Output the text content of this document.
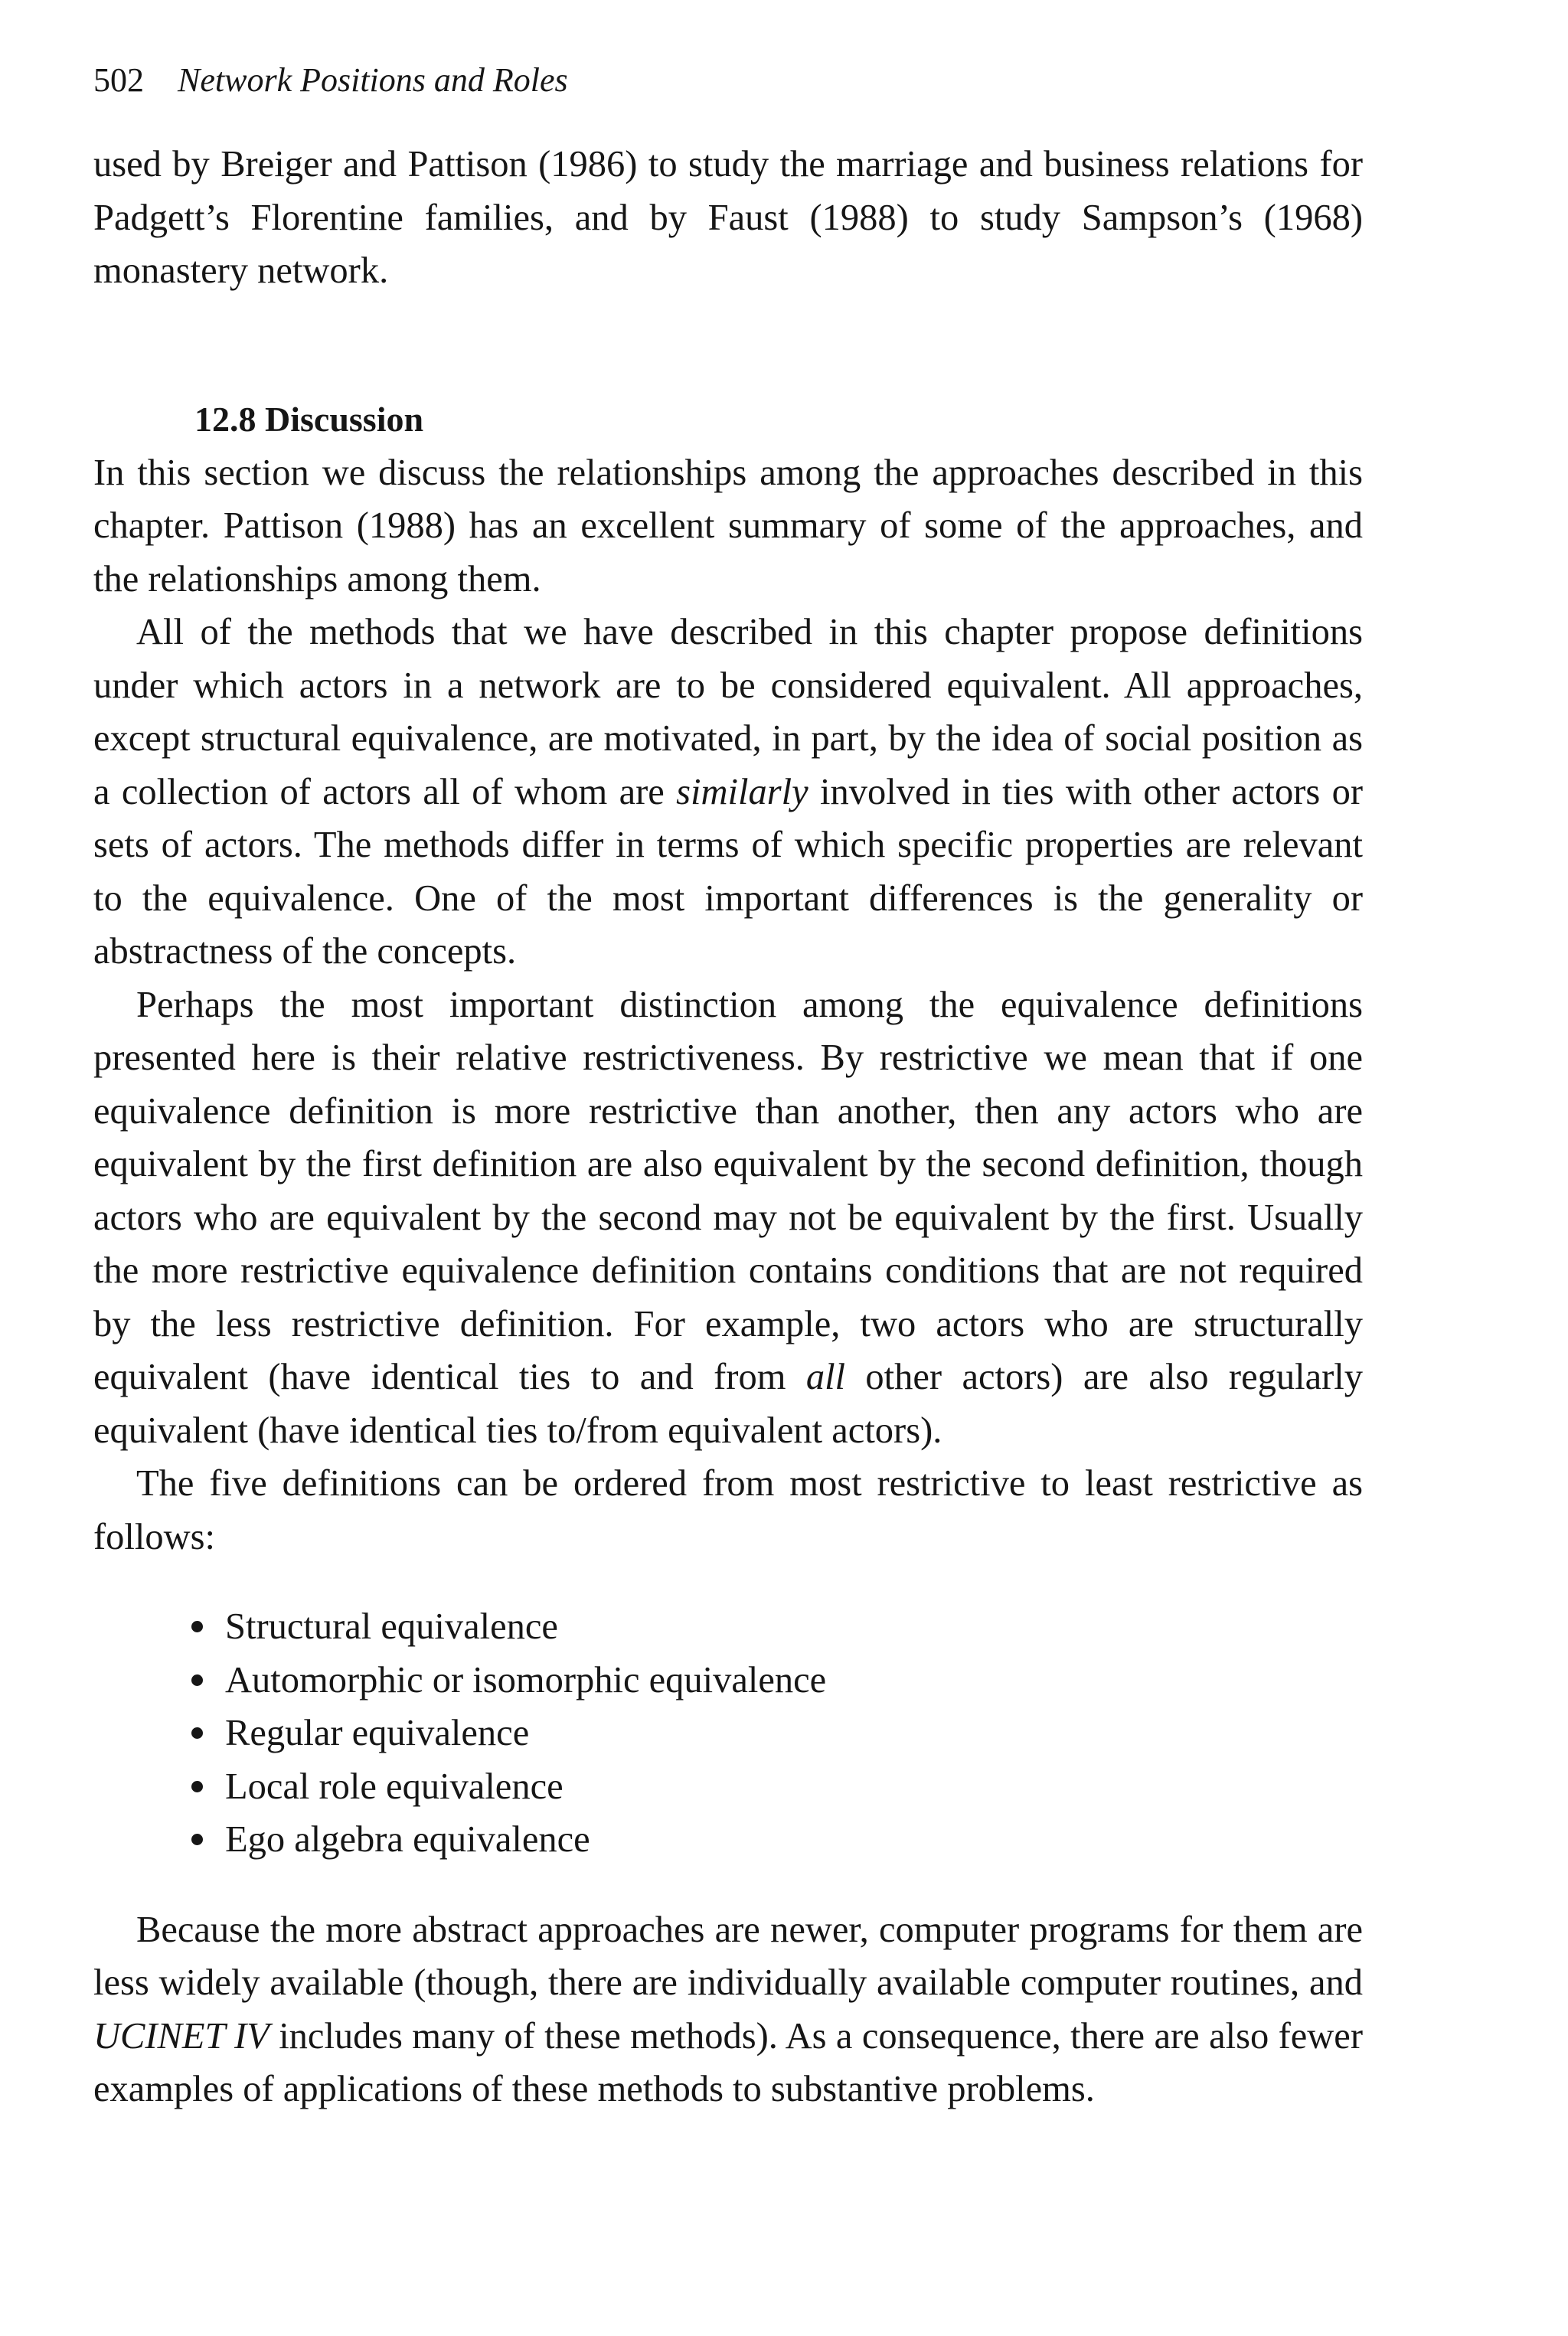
502 Network Positions and Roles

used by Breiger and Pattison (1986) to study the marriage and business relations for Padgett’s Florentine families, and by Faust (1988) to study Sampson’s (1968) monastery network.

12.8 Discussion

In this section we discuss the relationships among the approaches described in this chapter. Pattison (1988) has an excellent summary of some of the approaches, and the relationships among them.

All of the methods that we have described in this chapter propose definitions under which actors in a network are to be considered equivalent. All approaches, except structural equivalence, are motivated, in part, by the idea of social position as a collection of actors all of whom are similarly involved in ties with other actors or sets of actors. The methods differ in terms of which specific properties are relevant to the equivalence. One of the most important differences is the generality or abstractness of the concepts.

Perhaps the most important distinction among the equivalence definitions presented here is their relative restrictiveness. By restrictive we mean that if one equivalence definition is more restrictive than another, then any actors who are equivalent by the first definition are also equivalent by the second definition, though actors who are equivalent by the second may not be equivalent by the first. Usually the more restrictive equivalence definition contains conditions that are not required by the less restrictive definition. For example, two actors who are structurally equivalent (have identical ties to and from all other actors) are also regularly equivalent (have identical ties to/from equivalent actors).

The five definitions can be ordered from most restrictive to least restrictive as follows:

Structural equivalence
Automorphic or isomorphic equivalence
Regular equivalence
Local role equivalence
Ego algebra equivalence

Because the more abstract approaches are newer, computer programs for them are less widely available (though, there are individually available computer routines, and UCINET IV includes many of these methods). As a consequence, there are also fewer examples of applications of these methods to substantive problems.
